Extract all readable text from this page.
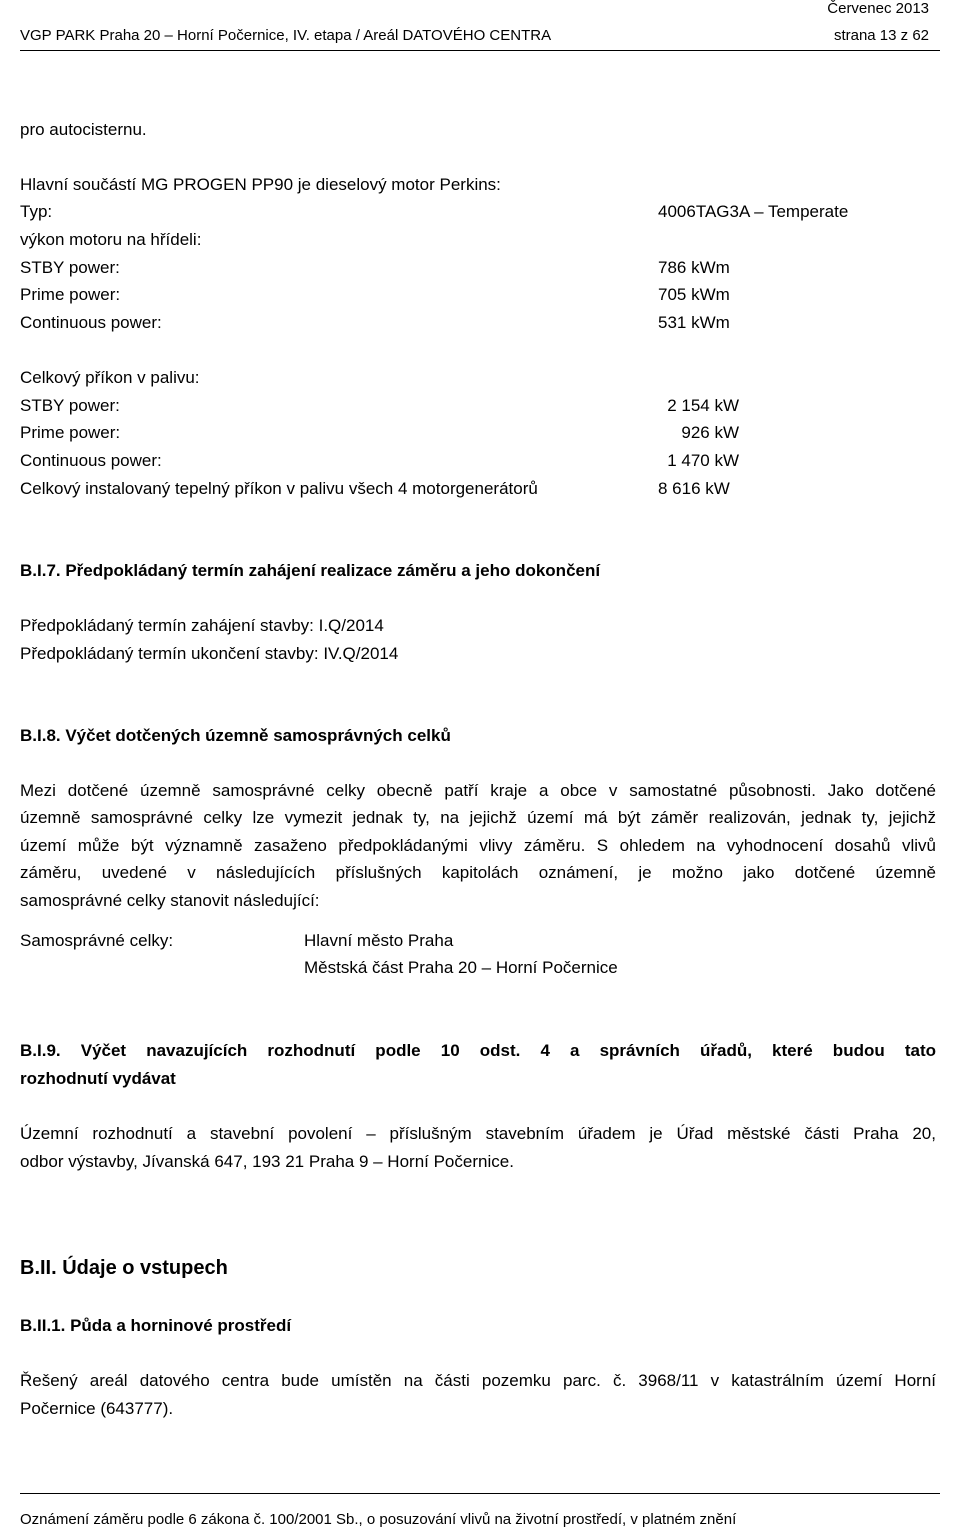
Červenec 2013
VGP PARK Praha 20 – Horní Počernice, IV. etapa / Areál DATOVÉHO CENTRA	strana 13 z 62
pro autocisternu.
Hlavní součástí MG PROGEN PP90 je dieselový motor Perkins:
Typ:	4006TAG3A – Temperate
výkon motoru na hřídeli:
STBY power:	786 kWm
Prime power:	705 kWm
Continuous power:	531 kWm
Celkový příkon v palivu:
STBY power:	2 154 kW
Prime power:	926 kW
Continuous power:	1 470 kW
Celkový instalovaný tepelný příkon v palivu všech 4 motorgenerátorů	8 616 kW
B.I.7. Předpokládaný termín zahájení realizace záměru a jeho dokončení
Předpokládaný termín zahájení stavby: I.Q/2014
Předpokládaný termín ukončení stavby: IV.Q/2014
B.I.8. Výčet dotčených územně samosprávných celků
Mezi dotčené územně samosprávné celky obecně patří kraje a obce v samostatné působnosti. Jako dotčené
územně samosprávné celky lze vymezit jednak ty, na jejichž území má být záměr realizován, jednak ty, jejichž
území může být významně zasaženo předpokládanými vlivy záměru. S ohledem na vyhodnocení dosahů vlivů
záměru, uvedené v následujících příslušných kapitolách oznámení, je možno jako dotčené územně
samosprávné celky stanovit následující:
Samosprávné celky:	Hlavní město Praha
Městská část Praha 20 – Horní Počernice
B.I.9. Výčet navazujících rozhodnutí podle 10 odst. 4 a správních úřadů, které budou tato
rozhodnutí vydávat
Územní rozhodnutí a stavební povolení – příslušným stavebním úřadem je Úřad městské části Praha 20,
odbor výstavby, Jívanská 647, 193 21 Praha 9 – Horní Počernice.
B.II. Údaje o vstupech
B.II.1. Půda a horninové prostředí
Řešený areál datového centra bude umístěn na části pozemku parc. č. 3968/11 v katastrálním území Horní
Počernice (643777).
Oznámení záměru podle 6 zákona č. 100/2001 Sb., o posuzování vlivů na životní prostředí, v platném znění
